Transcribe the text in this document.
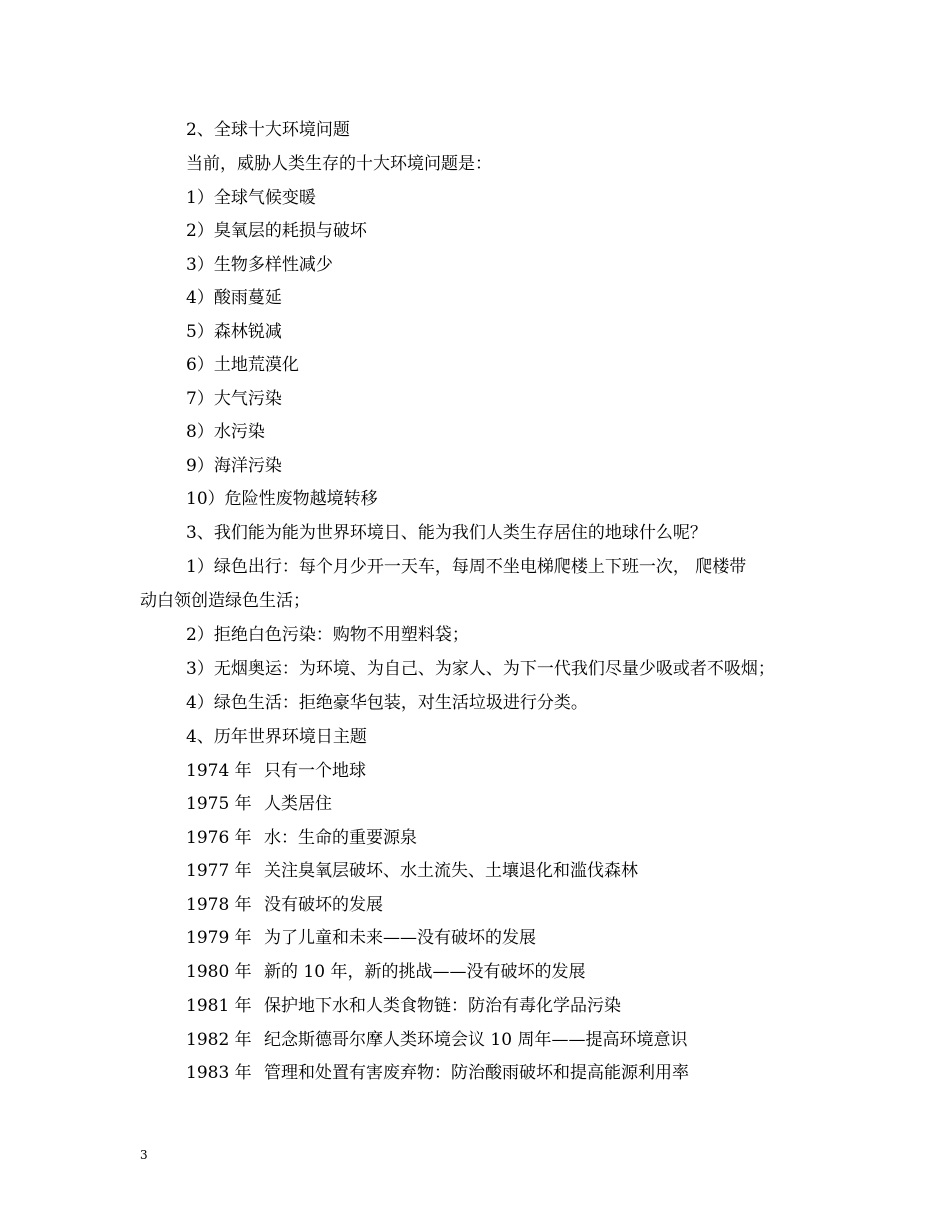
2、全球十大环境问题

当前，威胁人类生存的十大环境问题是：

1）全球气候变暖

2）臭氧层的耗损与破坏

3）生物多样性减少

4）酸雨蔓延

5）森林锐减

6）土地荒漠化

7）大气污染

8）水污染

9）海洋污染

10）危险性废物越境转移

3、我们能为能为世界环境日、能为我们人类生存居住的地球什么呢？

1）绿色出行：每个月少开一天车，每周不坐电梯爬楼上下班一次， 爬楼带

动白领创造绿色生活；

2）拒绝白色污染：购物不用塑料袋；

3）无烟奥运：为环境、为自己、为家人、为下一代我们尽量少吸或者不吸烟；

4）绿色生活：拒绝豪华包装，对生活垃圾进行分类。

4、历年世界环境日主题

1974 年 只有一个地球
1975 年 人类居住
1976 年 水：生命的重要源泉
1977 年 关注臭氧层破坏、水土流失、土壤退化和滥伐森林
1978 年 没有破坏的发展
1979 年 为了儿童和未来——没有破坏的发展
1980 年 新的 10 年，新的挑战——没有破坏的发展
1981 年 保护地下水和人类食物链：防治有毒化学品污染
1982 年 纪念斯德哥尔摩人类环境会议 10 周年——提高环境意识
1983 年 管理和处置有害废弃物：防治酸雨破坏和提高能源利用率
3
